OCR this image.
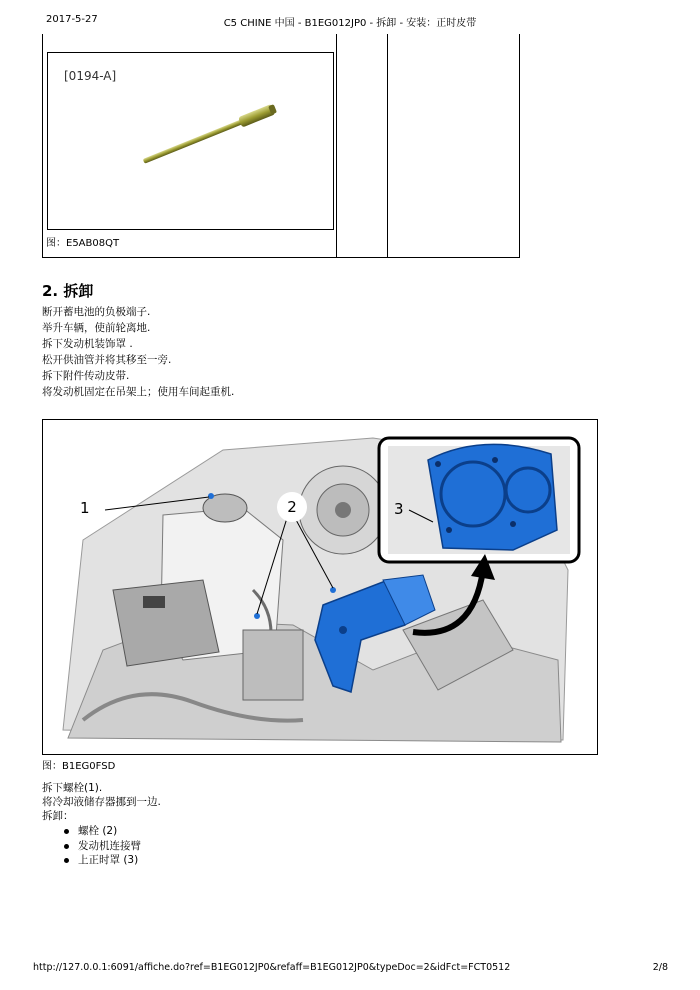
2017-5-27	C5 CHINE 中国 - B1EG012JP0 - 拆卸 - 安装：正时皮带
[0194-A]
图：E5AB08QT
2. 拆卸
断开蓄电池的负极端子.
举升车辆，使前轮离地.
拆下发动机装饰罩 .
松开供油管并将其移至一旁.
拆下附件传动皮带.
将发动机固定在吊架上；使用车间起重机.
1	2	3
图：B1EG0FSD
拆下螺栓(1).
将冷却液储存器挪到一边.
拆卸：
螺栓 (2)
发动机连接臂
上正时罩 (3)
http://127.0.0.1:6091/affiche.do?ref=B1EG012JP0&refaff=B1EG012JP0&typeDoc=2&idFct=FCT0512	2/8
